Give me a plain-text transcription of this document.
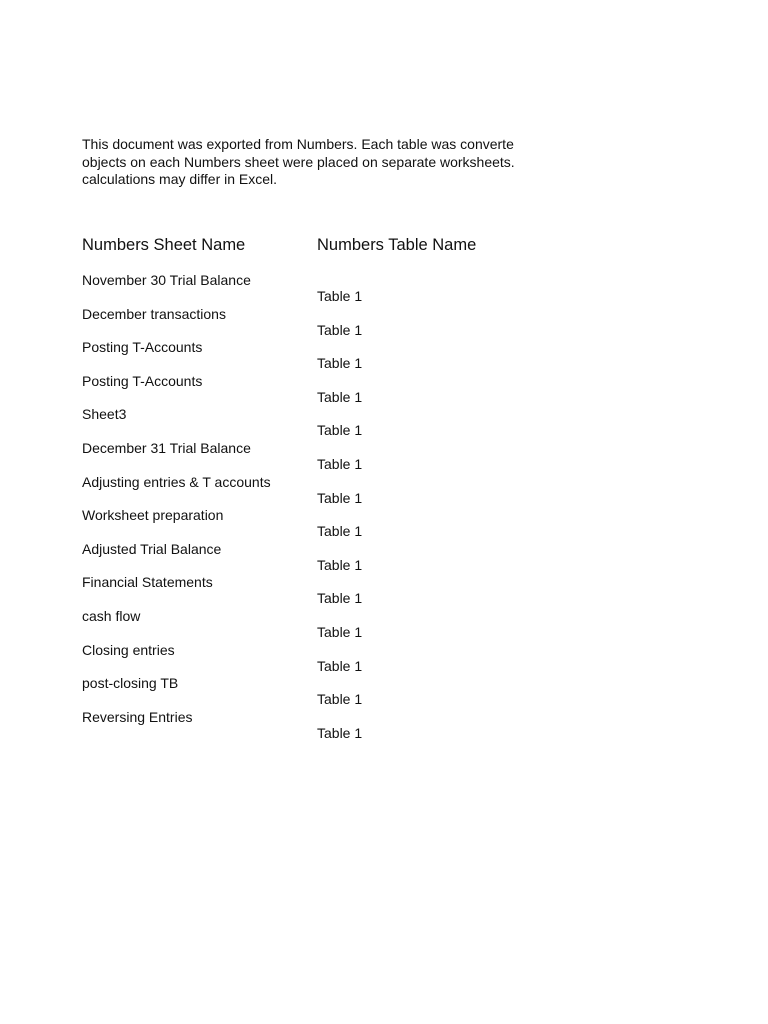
This document was exported from Numbers. Each table was converte
objects on each Numbers sheet were placed on separate worksheets.
calculations may differ in Excel.
Numbers Sheet Name	Numbers Table Name
November 30 Trial Balance
Table 1
December transactions
Table 1
Posting T-Accounts
Table 1
Posting T-Accounts
Table 1
Sheet3
Table 1
December 31 Trial Balance
Table 1
Adjusting entries & T accounts
Table 1
Worksheet preparation
Table 1
Adjusted Trial Balance
Table 1
Financial Statements
Table 1
cash flow
Table 1
Closing entries
Table 1
post-closing TB
Table 1
Reversing Entries
Table 1
